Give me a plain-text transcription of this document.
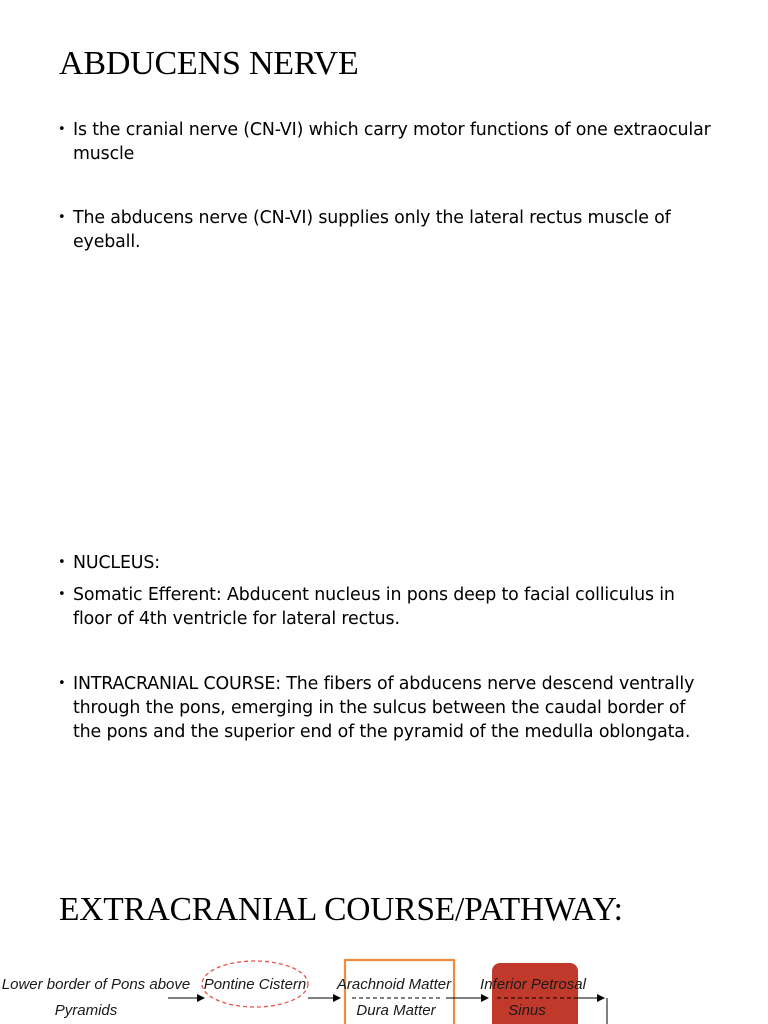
ABDUCENS NERVE
• Is the cranial nerve (CN-VI) which carry motor functions of one extraocular muscle
• The abducens nerve (CN-VI) supplies only the lateral rectus muscle of eyeball.
• NUCLEUS:
• Somatic Efferent: Abducent nucleus in pons deep to facial colliculus in floor of 4th ventricle for lateral rectus.
• INTRACRANIAL COURSE: The fibers of abducens nerve descend ventrally through the pons, emerging in the sulcus between the caudal border of the pons and the superior end of the pyramid of the medulla oblongata.
EXTRACRANIAL COURSE/PATHWAY:
Lower border of Pons above
Pyramids
Pontine Cistern Arachnoid Matter
Dura Matter
Inferior Petrosal
Sinus
